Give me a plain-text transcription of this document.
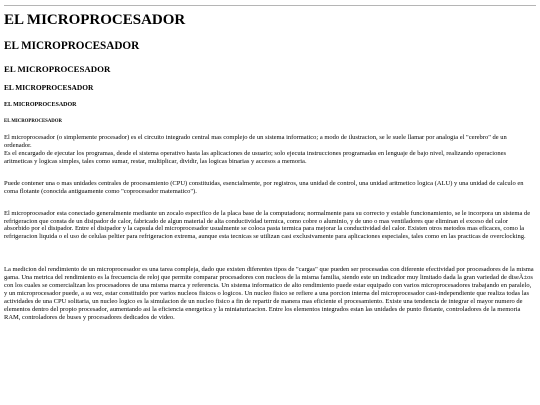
EL MICROPROCESADOR
EL MICROPROCESADOR
EL MICROPROCESADOR
EL MICROPROCESADOR
EL MICROPROCESADOR
EL MICROPROCESADOR

El microprocesador (o simplemente procesador) es el circuito integrado central mas complejo de un sistema informatico; a modo de ilustracion, se le suele llamar por analogia el "cerebro" de un ordenador.
Es el encargado de ejecutar los programas, desde el sistema operativo hasta las aplicaciones de usuario; solo ejecuta instrucciones programadas en lenguaje de bajo nivel, realizando operaciones aritmeticas y logicas simples, tales como sumar, restar, multiplicar, dividir, las logicas binarias y accesos a memoria.

Puede contener una o mas unidades centrales de procesamiento (CPU) constituidas, esencialmente, por registros, una unidad de control, una unidad aritmetico logica (ALU) y una unidad de calculo en coma flotante (conocida antiguamente como "coprocesador matematico").

El microprocesador esta conectado generalmente mediante un zocalo especifico de la placa base de la computadora; normalmente para su correcto y estable funcionamiento, se le incorpora un sistema de refrigeracion que consta de un disipador de calor, fabricado de algun material de alta conductividad termica, como cobre o aluminio, y de uno o mas ventiladores que eliminan el exceso del calor absorbido por el disipador. Entre el disipador y la capsula del microprocesador usualmente se coloca pasta termica para mejorar la conductividad del calor. Existen otros metodos mas eficaces, como la refrigeracion liquida o el uso de celulas peltier para refrigeracion extrema, aunque esta tecnicas se utilizan casi exclusivamente para aplicaciones especiales, tales como en las practicas de overclocking.

La medicion del rendimiento de un microprocesador es una tarea compleja, dado que existen diferentes tipos de "cargas" que pueden ser procesadas con diferente efectividad por procesadores de la misma gama. Una metrica del rendimiento es la frecuencia de reloj que permite comparar procesadores con nucleos de la misma familia, siendo este un indicador muy limitado dada la gran variedad de diseÃ±os con los cuales se comercializan los procesadores de una misma marca y referencia. Un sistema informatico de alto rendimiento puede estar equipado con varios microprocesadores trabajando en paralelo, y un microprocesador puede, a su vez, estar constituido por varios nucleos fisicos o logicos. Un nucleo fisico se refiere a una porcion interna del microprocesador casi-independiente que realiza todas las actividades de una CPU solitaria, un nucleo logico es la simulacion de un nucleo fisico a fin de repartir de manera mas eficiente el procesamiento. Existe una tendencia de integrar el mayor numero de elementos dentro del propio procesador, aumentando asi la eficiencia energetica y la miniaturizacion. Entre los elementos integrados estan las unidades de punto flotante, controladores de la memoria RAM, controladores de buses y procesadores dedicados de video.
